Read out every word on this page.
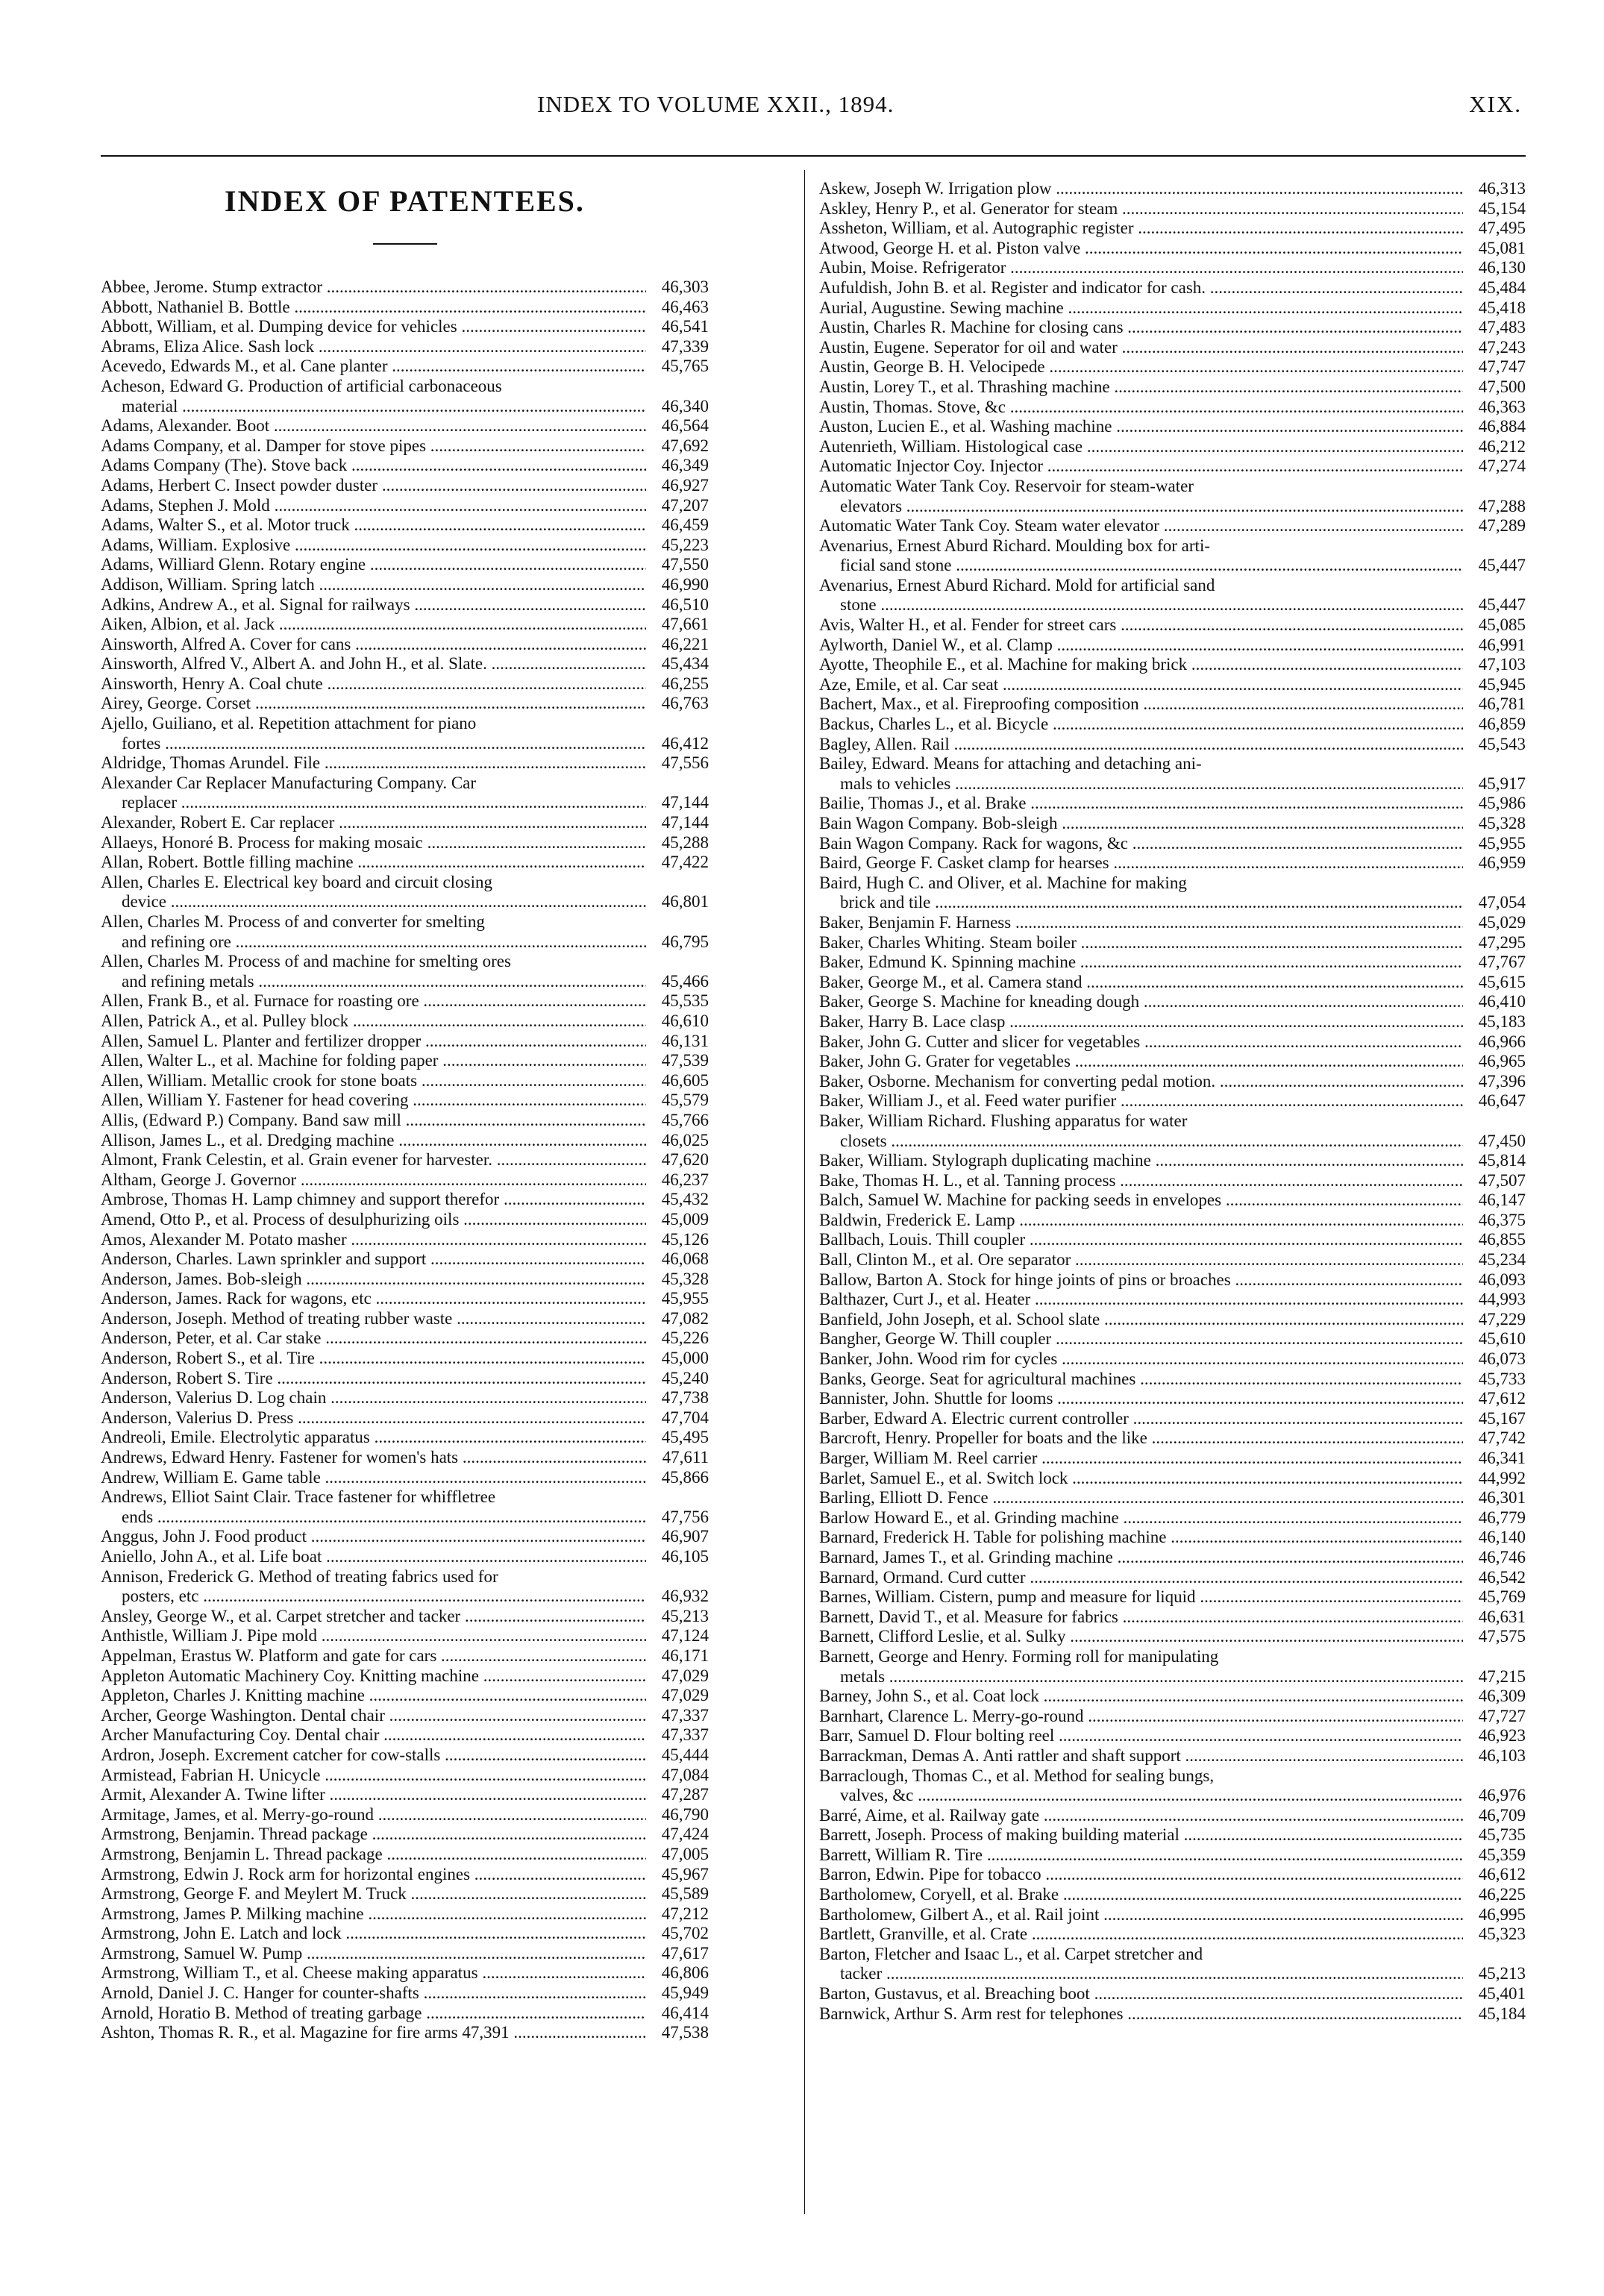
INDEX TO VOLUME XXII., 1894.	XIX.
INDEX OF PATENTEES.
Abbee, Jerome. Stump extractor .....	46,303
Abbott, Nathaniel B. Bottle .....	46,463
Abbott, William, et al. Dumping device for vehicles .....	46,541
Abrams, Eliza Alice. Sash lock .....	47,339
Acevedo, Edwards M., et al. Cane planter .....	45,765
Acheson, Edward G. Production of artificial carbonaceous
material .....	46,340
Adams, Alexander. Boot .....	46,564
Adams Company, et al. Damper for stove pipes .....	47,692
Adams Company (The). Stove back .....	46,349
Adams, Herbert C. Insect powder duster .....	46,927
Adams, Stephen J. Mold .....	47,207
Adams, Walter S., et al. Motor truck .....	46,459
Adams, William. Explosive .....	45,223
Adams, Williard Glenn. Rotary engine .....	47,550
Addison, William. Spring latch .....	46,990
Adkins, Andrew A., et al. Signal for railways .....	46,510
Aiken, Albion, et al. Jack .....	47,661
Ainsworth, Alfred A. Cover for cans .....	46,221
Ainsworth, Alfred V., Albert A. and John H., et al. Slate. .....	45,434
Ainsworth, Henry A. Coal chute .....	46,255
Airey, George. Corset .....	46,763
Ajello, Guiliano, et al. Repetition attachment for piano
fortes .....	46,412
Aldridge, Thomas Arundel. File .....	47,556
Alexander Car Replacer Manufacturing Company. Car
replacer .....	47,144
Alexander, Robert E. Car replacer .....	47,144
Allaeys, Honoré B. Process for making mosaic .....	45,288
Allan, Robert. Bottle filling machine .....	47,422
Allen, Charles E. Electrical key board and circuit closing
device .....	46,801
Allen, Charles M. Process of and converter for smelting
and refining ore .....	46,795
Allen, Charles M. Process of and machine for smelting ores
and refining metals .....	45,466
Allen, Frank B., et al. Furnace for roasting ore .....	45,535
Allen, Patrick A., et al. Pulley block .....	46,610
Allen, Samuel L. Planter and fertilizer dropper .....	46,131
Allen, Walter L., et al. Machine for folding paper .....	47,539
Allen, William. Metallic crook for stone boats .....	46,605
Allen, William Y. Fastener for head covering .....	45,579
Allis, (Edward P.) Company. Band saw mill .....	45,766
Allison, James L., et al. Dredging machine .....	46,025
Almont, Frank Celestin, et al. Grain evener for harvester. .....	47,620
Altham, George J. Governor .....	46,237
Ambrose, Thomas H. Lamp chimney and support therefor .....	45,432
Amend, Otto P., et al. Process of desulphurizing oils .....	45,009
Amos, Alexander M. Potato masher .....	45,126
Anderson, Charles. Lawn sprinkler and support .....	46,068
Anderson, James. Bob-sleigh .....	45,328
Anderson, James. Rack for wagons, etc .....	45,955
Anderson, Joseph. Method of treating rubber waste .....	47,082
Anderson, Peter, et al. Car stake .....	45,226
Anderson, Robert S., et al. Tire .....	45,000
Anderson, Robert S. Tire .....	45,240
Anderson, Valerius D. Log chain .....	47,738
Anderson, Valerius D. Press .....	47,704
Andreoli, Emile. Electrolytic apparatus .....	45,495
Andrews, Edward Henry. Fastener for women's hats .....	47,611
Andrew, William E. Game table .....	45,866
Andrews, Elliot Saint Clair. Trace fastener for whiffletree
ends .....	47,756
Anggus, John J. Food product .....	46,907
Aniello, John A., et al. Life boat .....	46,105
Annison, Frederick G. Method of treating fabrics used for
posters, etc .....	46,932
Ansley, George W., et al. Carpet stretcher and tacker .....	45,213
Anthistle, William J. Pipe mold .....	47,124
Appelman, Erastus W. Platform and gate for cars .....	46,171
Appleton Automatic Machinery Coy. Knitting machine .....	47,029
Appleton, Charles J. Knitting machine .....	47,029
Archer, George Washington. Dental chair .....	47,337
Archer Manufacturing Coy. Dental chair .....	47,337
Ardron, Joseph. Excrement catcher for cow-stalls .....	45,444
Armistead, Fabrian H. Unicycle .....	47,084
Armit, Alexander A. Twine lifter .....	47,287
Armitage, James, et al. Merry-go-round .....	46,790
Armstrong, Benjamin. Thread package .....	47,424
Armstrong, Benjamin L. Thread package .....	47,005
Armstrong, Edwin J. Rock arm for horizontal engines .....	45,967
Armstrong, George F. and Meylert M. Truck .....	45,589
Armstrong, James P. Milking machine .....	47,212
Armstrong, John E. Latch and lock .....	45,702
Armstrong, Samuel W. Pump .....	47,617
Armstrong, William T., et al. Cheese making apparatus .....	46,806
Arnold, Daniel J. C. Hanger for counter-shafts .....	45,949
Arnold, Horatio B. Method of treating garbage .....	46,414
Ashton, Thomas R. R., et al. Magazine for fire arms 47,391 .....	47,538
Askew, Joseph W. Irrigation plow .....	46,313
Askley, Henry P., et al. Generator for steam .....	45,154
Assheton, William, et al. Autographic register .....	47,495
Atwood, George H. et al. Piston valve .....	45,081
Aubin, Moise. Refrigerator .....	46,130
Aufuldish, John B. et al. Register and indicator for cash. .....	45,484
Aurial, Augustine. Sewing machine .....	45,418
Austin, Charles R. Machine for closing cans .....	47,483
Austin, Eugene. Seperator for oil and water .....	47,243
Austin, George B. H. Velocipede .....	47,747
Austin, Lorey T., et al. Thrashing machine .....	47,500
Austin, Thomas. Stove, &c .....	46,363
Auston, Lucien E., et al. Washing machine .....	46,884
Autenrieth, William. Histological case .....	46,212
Automatic Injector Coy. Injector .....	47,274
Automatic Water Tank Coy. Reservoir for steam-water
elevators .....	47,288
Automatic Water Tank Coy. Steam water elevator .....	47,289
Avenarius, Ernest Aburd Richard. Moulding box for arti-
ficial sand stone .....	45,447
Avenarius, Ernest Aburd Richard. Mold for artificial sand
stone .....	45,447
Avis, Walter H., et al. Fender for street cars .....	45,085
Aylworth, Daniel W., et al. Clamp .....	46,991
Ayotte, Theophile E., et al. Machine for making brick .....	47,103
Aze, Emile, et al. Car seat .....	45,945
Bachert, Max., et al. Fireproofing composition .....	46,781
Backus, Charles L., et al. Bicycle .....	46,859
Bagley, Allen. Rail .....	45,543
Bailey, Edward. Means for attaching and detaching ani-
mals to vehicles .....	45,917
Bailie, Thomas J., et al. Brake .....	45,986
Bain Wagon Company. Bob-sleigh .....	45,328
Bain Wagon Company. Rack for wagons, &c .....	45,955
Baird, George F. Casket clamp for hearses .....	46,959
Baird, Hugh C. and Oliver, et al. Machine for making
brick and tile .....	47,054
Baker, Benjamin F. Harness .....	45,029
Baker, Charles Whiting. Steam boiler .....	47,295
Baker, Edmund K. Spinning machine .....	47,767
Baker, George M., et al. Camera stand .....	45,615
Baker, George S. Machine for kneading dough .....	46,410
Baker, Harry B. Lace clasp .....	45,183
Baker, John G. Cutter and slicer for vegetables .....	46,966
Baker, John G. Grater for vegetables .....	46,965
Baker, Osborne. Mechanism for converting pedal motion. .....	47,396
Baker, William J., et al. Feed water purifier .....	46,647
Baker, William Richard. Flushing apparatus for water
closets .....	47,450
Baker, William. Stylograph duplicating machine .....	45,814
Bake, Thomas H. L., et al. Tanning process .....	47,507
Balch, Samuel W. Machine for packing seeds in envelopes .....	46,147
Baldwin, Frederick E. Lamp .....	46,375
Ballbach, Louis. Thill coupler .....	46,855
Ball, Clinton M., et al. Ore separator .....	45,234
Ballow, Barton A. Stock for hinge joints of pins or broaches .....	46,093
Balthazer, Curt J., et al. Heater .....	44,993
Banfield, John Joseph, et al. School slate .....	47,229
Bangher, George W. Thill coupler .....	45,610
Banker, John. Wood rim for cycles .....	46,073
Banks, George. Seat for agricultural machines .....	45,733
Bannister, John. Shuttle for looms .....	47,612
Barber, Edward A. Electric current controller .....	45,167
Barcroft, Henry. Propeller for boats and the like .....	47,742
Barger, William M. Reel carrier .....	46,341
Barlet, Samuel E., et al. Switch lock .....	44,992
Barling, Elliott D. Fence .....	46,301
Barlow Howard E., et al. Grinding machine .....	46,779
Barnard, Frederick H. Table for polishing machine .....	46,140
Barnard, James T., et al. Grinding machine .....	46,746
Barnard, Ormand. Curd cutter .....	46,542
Barnes, William. Cistern, pump and measure for liquid .....	45,769
Barnett, David T., et al. Measure for fabrics .....	46,631
Barnett, Clifford Leslie, et al. Sulky .....	47,575
Barnett, George and Henry. Forming roll for manipulating
metals .....	47,215
Barney, John S., et al. Coat lock .....	46,309
Barnhart, Clarence L. Merry-go-round .....	47,727
Barr, Samuel D. Flour bolting reel .....	46,923
Barrackman, Demas A. Anti rattler and shaft support .....	46,103
Barraclough, Thomas C., et al. Method for sealing bungs,
valves, &c .....	46,976
Barré, Aime, et al. Railway gate .....	46,709
Barrett, Joseph. Process of making building material .....	45,735
Barrett, William R. Tire .....	45,359
Barron, Edwin. Pipe for tobacco .....	46,612
Bartholomew, Coryell, et al. Brake .....	46,225
Bartholomew, Gilbert A., et al. Rail joint .....	46,995
Bartlett, Granville, et al. Crate .....	45,323
Barton, Fletcher and Isaac L., et al. Carpet stretcher and
tacker .....	45,213
Barton, Gustavus, et al. Breaching boot .....	45,401
Barnwick, Arthur S. Arm rest for telephones .....	45,184
